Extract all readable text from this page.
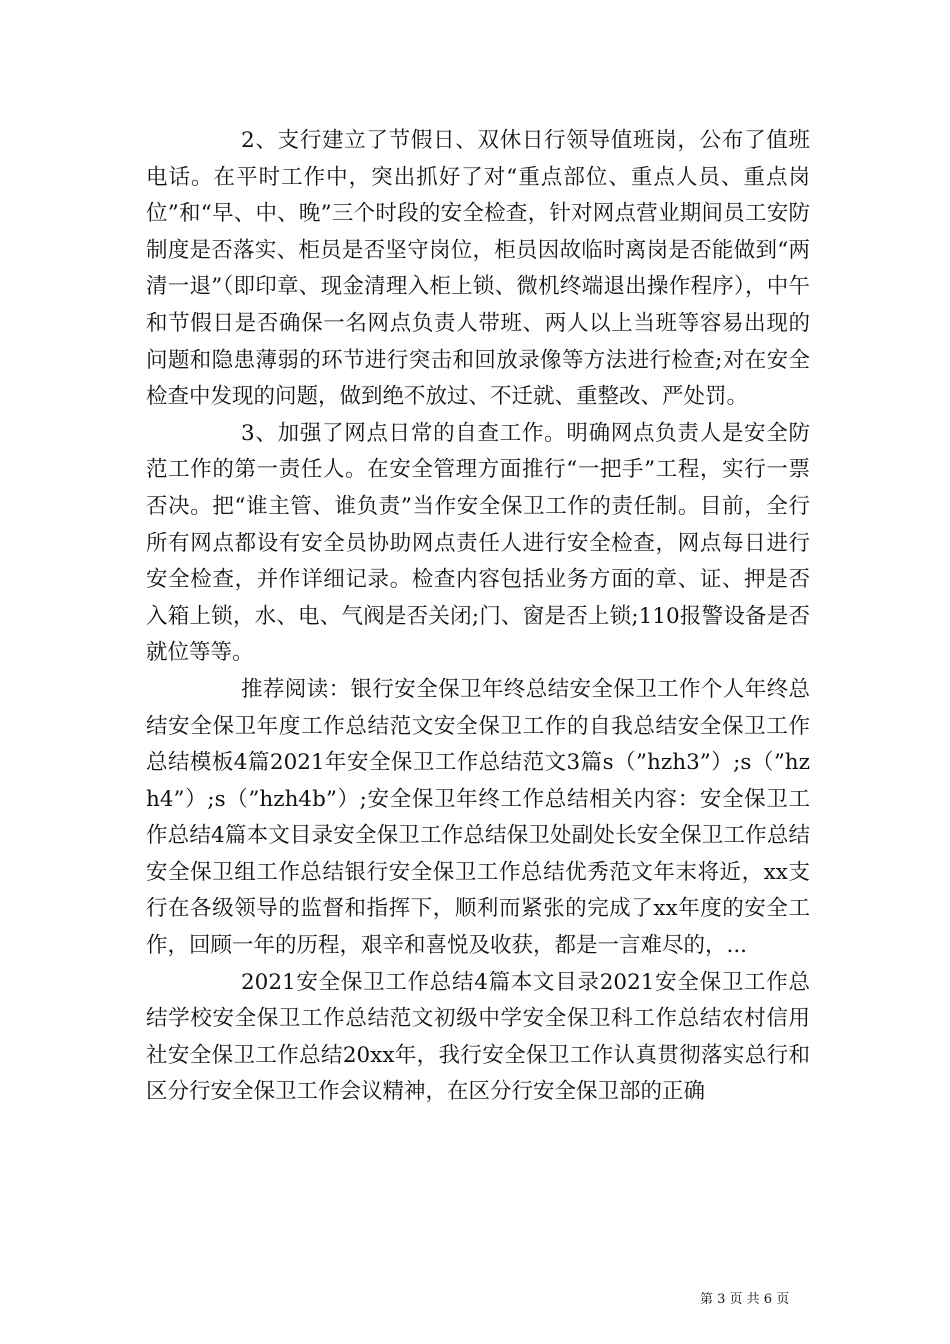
2、支行建立了节假日、双休日行领导值班岗，公布了值班电话。在平时工作中，突出抓好了对“重点部位、重点人员、重点岗位”和“早、中、晚”三个时段的安全检查，针对网点营业期间员工安防制度是否落实、柜员是否坚守岗位，柜员因故临时离岗是否能做到“两清一退”（即印章、现金清理入柜上锁、微机终端退出操作程序），中午和节假日是否确保一名网点负责人带班、两人以上当班等容易出现的问题和隐患薄弱的环节进行突击和回放录像等方法进行检查;对在安全检查中发现的问题，做到绝不放过、不迁就、重整改、严处罚。

3、加强了网点日常的自查工作。明确网点负责人是安全防范工作的第一责任人。在安全管理方面推行“一把手”工程，实行一票否决。把“谁主管、谁负责”当作安全保卫工作的责任制。目前，全行所有网点都设有安全员协助网点责任人进行安全检查，网点每日进行安全检查，并作详细记录。检查内容包括业务方面的章、证、押是否入箱上锁，水、电、气阀是否关闭;门、窗是否上锁;110报警设备是否就位等等。

推荐阅读：银行安全保卫年终总结安全保卫工作个人年终总结安全保卫年度工作总结范文安全保卫工作的自我总结安全保卫工作总结模板4篇2021年安全保卫工作总结范文3篇s（”hzh3”）;s（”hzh4”）;s（”hzh4b”）;安全保卫年终工作总结相关内容：安全保卫工作总结4篇本文目录安全保卫工作总结保卫处副处长安全保卫工作总结安全保卫组工作总结银行安全保卫工作总结优秀范文年末将近，xx支行在各级领导的监督和指挥下，顺利而紧张的完成了xx年度的安全工作，回顾一年的历程，艰辛和喜悦及收获，都是一言难尽的，...

2021安全保卫工作总结4篇本文目录2021安全保卫工作总结学校安全保卫工作总结范文初级中学安全保卫科工作总结农村信用社安全保卫工作总结20xx年，我行安全保卫工作认真贯彻落实总行和区分行安全保卫工作会议精神，在区分行安全保卫部的正确

第 3 页 共 6 页
